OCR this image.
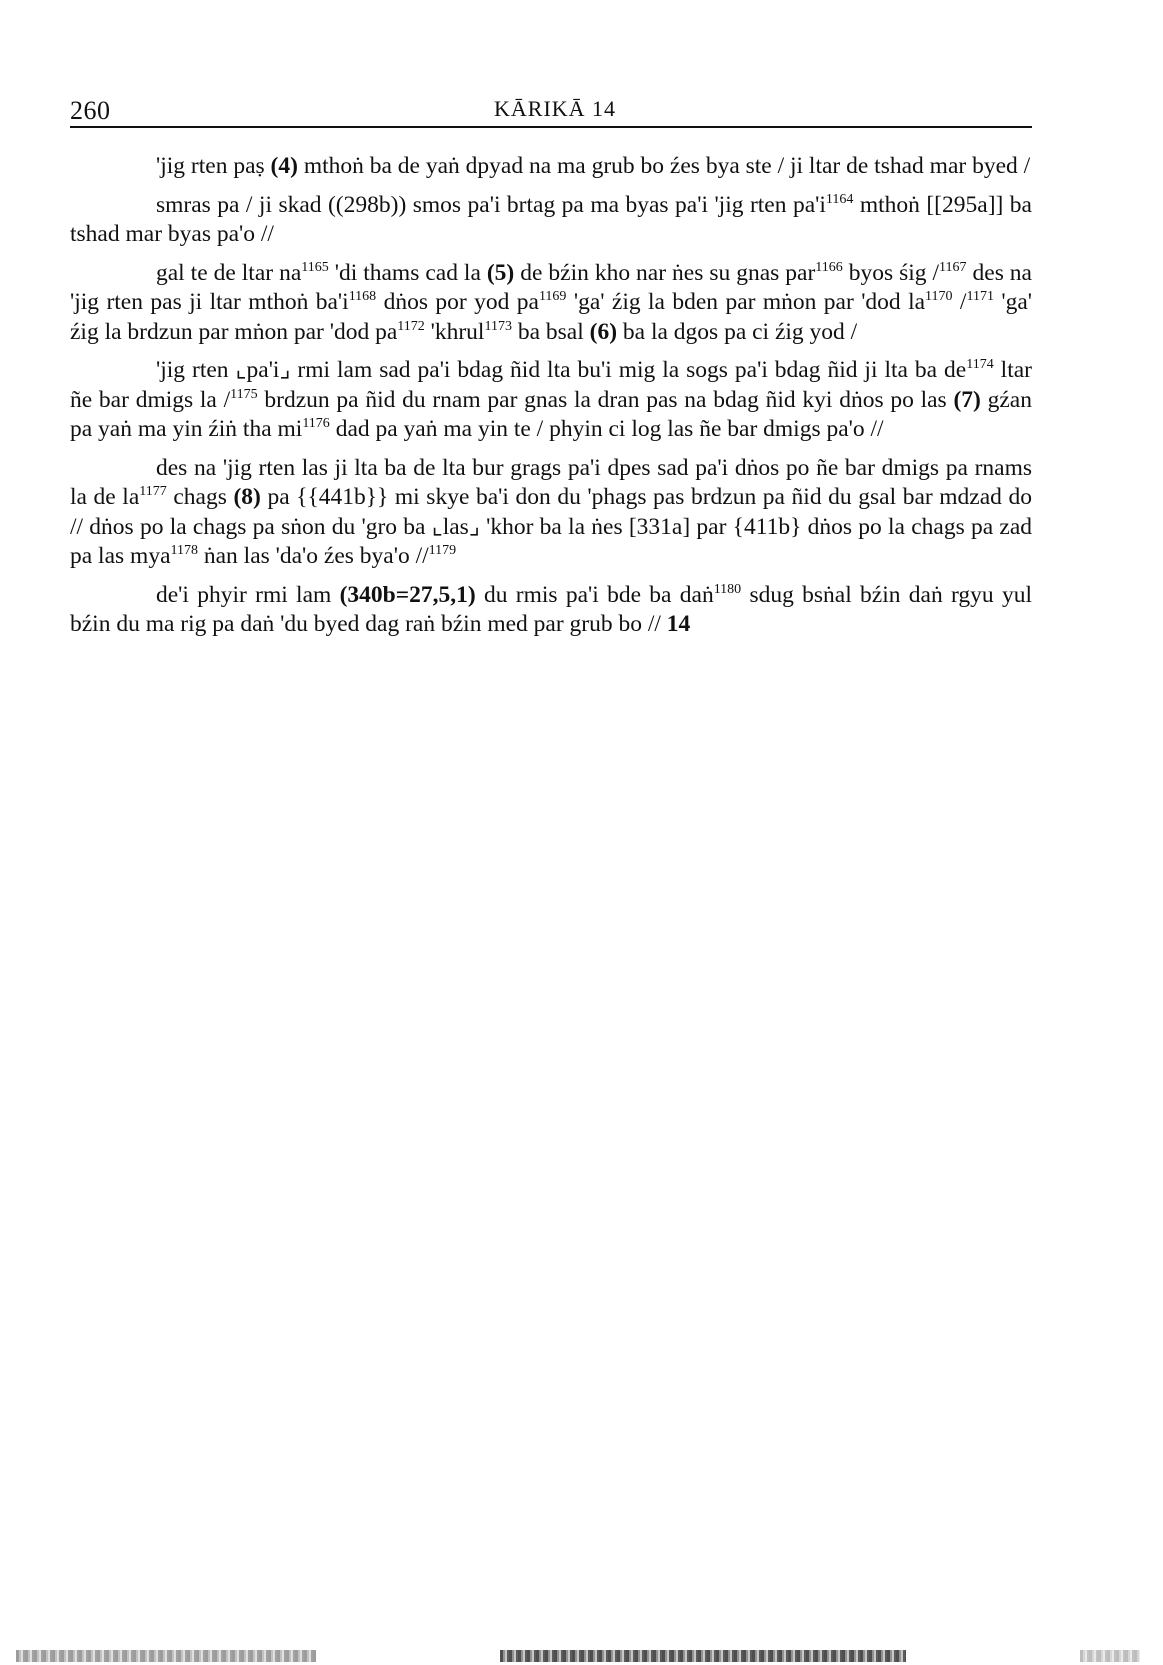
260	KĀRIKĀ 14

'jig rten paṣ (4) mthoṅ ba de yaṅ dpyad na ma grub bo źes bya ste / ji ltar de tshad mar byed /

smras pa / ji skad ((298b)) smos pa'i brtag pa ma byas pa'i 'jig rten $pa'i^{1164}$ mthoṅ [[295a]] ba tshad mar byas pa'o //

gal te de ltar $na^{1165}$ 'di thams cad la (5) de bźin kho nar ṅes su gnas par$^{1166}$ byos śig /$^{1167}$ des na 'jig rten pas ji ltar mthoṅ $ba'i^{1168}$ dṅos por yod $pa^{1169}$ 'ga' źig la bden par mṅon par 'dod $la^{1170}$ /$^{1171}$ 'ga' źig la brdzun par mṅon par 'dod $pa^{1172}$ 'khrul$^{1173}$ ba bsal (6) ba la dgos pa ci źig yod /

'jig rten ⌞pa'i⌟ rmi lam sad pa'i bdag ñid lta bu'i mig la sogs pa'i bdag ñid ji lta ba $de^{1174}$ ltar ñe bar dmigs la /$^{1175}$ brdzun pa ñid du rnam par gnas la dran pas na bdag ñid kyi dṅos po las (7) gźan pa yaṅ ma yin źiṅ tha $mi^{1176}$ dad pa yaṅ ma yin te / phyin ci log las ñe bar dmigs pa'o //

des na 'jig rten las ji lta ba de lta bur grags pa'i dpes sad pa'i dṅos po ñe bar dmigs pa rnams la de $la^{1177}$ chags (8) pa {{441b}} mi skye ba'i don du 'phags pas brdzun pa ñid du gsal bar mdzad do // dṅos po la chags pa sṅon du 'gro ba ⌞las⌟ 'khor ba la ṅes [331a] par {411b} dṅos po la chags pa zad pa las mya$^{1178}$ ṅan las 'da'o źes bya'o //$^{1179}$

de'i phyir rmi lam (340b=27,5,1) du rmis pa'i bde ba daṅ$^{1180}$ sdug bsṅal bźin daṅ rgyu yul bźin du ma rig pa daṅ 'du byed dag raṅ bźin med par grub bo // 14
